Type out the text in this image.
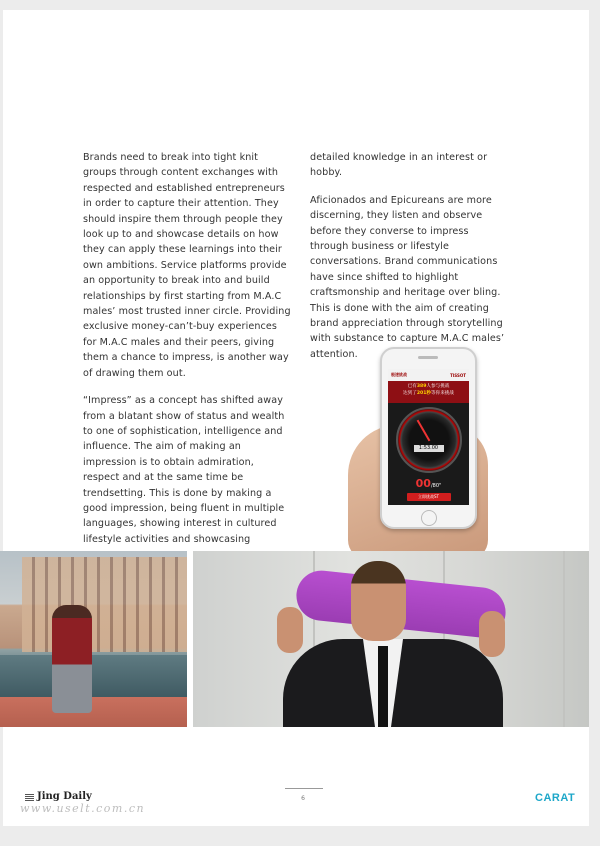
Brands need to break into tight knit groups through content exchanges with respected and established entrepreneurs in order to capture their attention. They should inspire them through people they look up to and showcase details on how they can apply these learnings into their own ambitions. Service platforms provide an opportunity to break into and build relationships by first starting from M.A.C males’ most trusted inner circle. Providing exclusive money-can’t-buy experiences for M.A.C males and their peers, giving them a chance to impress, is another way of drawing them out.

“Impress” as a concept has shifted away from a blatant show of status and wealth to one of sophistication, intelligence and influence. The aim of making an impression is to obtain admiration, respect and at the same time be trendsetting. This is done by making a good impression, being fluent in multiple languages, showing interest in cultured lifestyle activities and showcasing

detailed knowledge in an interest or hobby.

Aficionados and Epicureans are more discerning, they listen and observe before they converse to impress through business or lifestyle conversations. Brand communications have since shifted to highlight craftsmonship and heritage over bling. This is done with the aim of creating brand appreciation through storytelling with substance to capture M.A.C males’ attention.

极速挑战	TISSOT
已有389人参与挑战
达到了201秒等你来挑战
1:53.00
00/80"
立即挑战ST
Jing Daily	6	CARAT
www.uselt.com.cn
